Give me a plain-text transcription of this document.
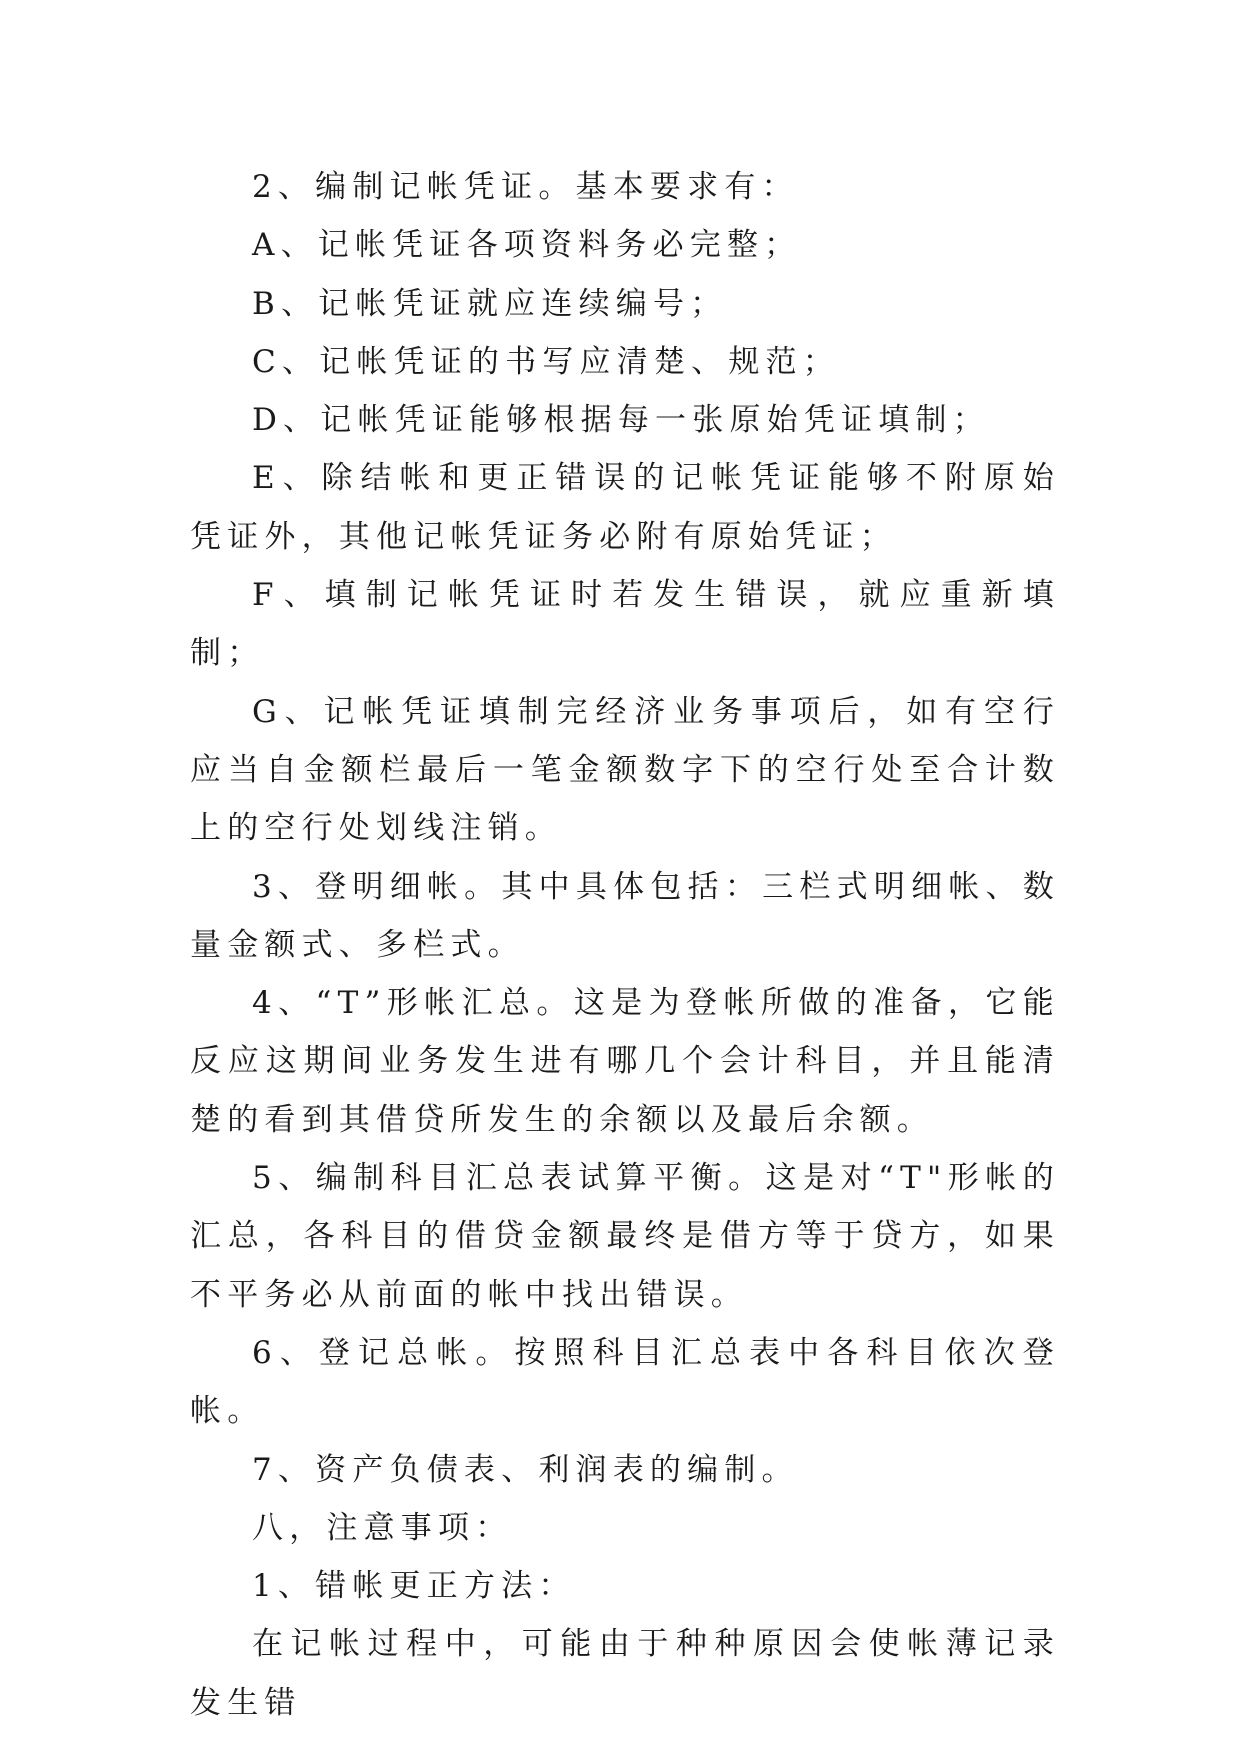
2、编制记帐凭证。基本要求有：

A、记帐凭证各项资料务必完整；

B、记帐凭证就应连续编号；

C、记帐凭证的书写应清楚、规范；

D、记帐凭证能够根据每一张原始凭证填制；

E、除结帐和更正错误的记帐凭证能够不附原始凭证外，其他记帐凭证务必附有原始凭证；

F、填制记帐凭证时若发生错误，就应重新填制；

G、记帐凭证填制完经济业务事项后，如有空行应当自金额栏最后一笔金额数字下的空行处至合计数上的空行处划线注销。

3、登明细帐。其中具体包括：三栏式明细帐、数量金额式、多栏式。

4、“T”形帐汇总。这是为登帐所做的准备，它能反应这期间业务发生进有哪几个会计科目，并且能清楚的看到其借贷所发生的余额以及最后余额。

5、编制科目汇总表试算平衡。这是对“T"形帐的汇总，各科目的借贷金额最终是借方等于贷方，如果不平务必从前面的帐中找出错误。

6、登记总帐。按照科目汇总表中各科目依次登帐。

7、资产负债表、利润表的编制。

八，注意事项：

1、错帐更正方法：

在记帐过程中，可能由于种种原因会使帐薄记录发生错
